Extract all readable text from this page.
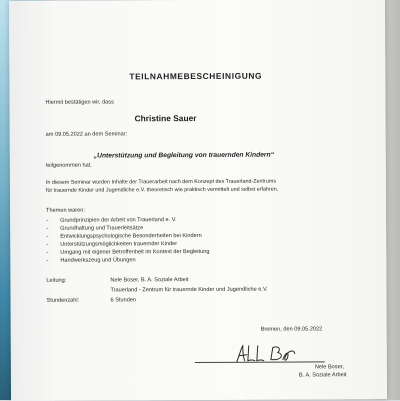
TEILNAHMEBESCHEINIGUNG
Hiermit bestätigen wir, dass
Christine Sauer
am 09.05.2022 an dem Seminar:
„Unterstützung und Begleitung von trauernden Kindern“
teilgenommen hat.
In diesem Seminar wurden Inhalte der Trauerarbeit nach dem Konzept des Trauerland-Zentrums
für trauernde Kinder und Jugendliche e.V. theoretisch wie praktisch vermittelt und selbst erfahren.
Themen waren:
- Grundprinzipien der Arbeit von Trauerland e. V.
- Grundhaltung und Trauerleitsätze
- Entwicklungspsychologische Besonderheiten bei Kindern
- Unterstützungsmöglichkeiten trauernder Kinder
- Umgang mit eigener Betroffenheit im Kontext der Begleitung
- Handwerkszeug und Übungen
Leitung:	Nele Boser, B. A. Soziale Arbeit
Trauerland - Zentrum für trauernde Kinder und Jugendliche e.V.
Stundenzahl:	6 Stunden
Bremen, den 09.05.2022
Nele Boser,
B. A. Soziale Arbeit
